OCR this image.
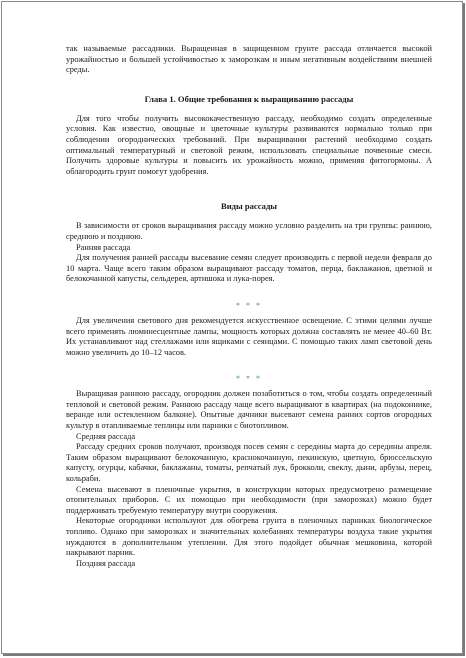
так называемые рассадники. Выращенная в защищенном грунте рассада отличается высокой урожайностью и большей устойчивостью к заморозкам и иным негативным воздействиям внешней среды.

Глава 1. Общие требования к выращиванию рассады

Для того чтобы получить высококачественную рассаду, необходимо создать определенные условия. Как известно, овощные и цветочные культуры развиваются нормально только при соблюдении огороднических требований. При выращивании растений необходимо создать оптимальный температурный и световой режим, использовать специальные почвенные смеси. Получить здоровые культуры и повысить их урожайность можно, применяя фитогормоны. А облагородить грунт помогут удобрения.

Виды рассады

В зависимости от сроков выращивания рассаду можно условно разделить на три группы: раннюю, среднюю и позднюю.

Ранняя рассада

Для получения ранней рассады высевание семян следует производить с первой недели февраля до 10 марта. Чаще всего таким образом выращивают рассаду томатов, перца, баклажанов, цветной и белокочанной капусты, сельдерея, артишока и лука-порея.

* * *

Для увеличения светового дня рекомендуется искусственное освещение. С этими целями лучше всего применять люминесцентные лампы, мощность которых должна составлять не менее 40–60 Вт. Их устанавливают над стеллажами или ящиками с сеянцами. С помощью таких ламп световой день можно увеличить до 10–12 часов.

* * *

Выращивая раннюю рассаду, огородник должен позаботиться о том, чтобы создать определенный тепловой и световой режим. Раннюю рассаду чаще всего выращивают в квартирах (на подоконнике, веранде или остекленном балконе). Опытные дачники высевают семена ранних сортов огородных культур в отапливаемые теплицы или парники с биотопливом.

Средняя рассада

Рассаду средних сроков получают, производя посев семян с середины марта до середины апреля. Таким образом выращивают белокочанную, краснокочанную, пекинскую, цветную, брюссельскую капусту, огурцы, кабачки, баклажаны, томаты, репчатый лук, брокколи, свеклу, дыни, арбузы, перец, кольраби.

Семена высевают в пленочные укрытия, в конструкции которых предусмотрено размещение отопительных приборов. С их помощью при необходимости (при заморозках) можно будет поддерживать требуемую температуру внутри сооружения.

Некоторые огородники используют для обогрева грунта в пленочных парниках биологическое топливо. Однако при заморозках и значительных колебаниях температуры воздуха такие укрытия нуждаются в дополнительном утеплении. Для этого подойдет обычная мешковина, которой накрывают парник.

Поздняя рассада
